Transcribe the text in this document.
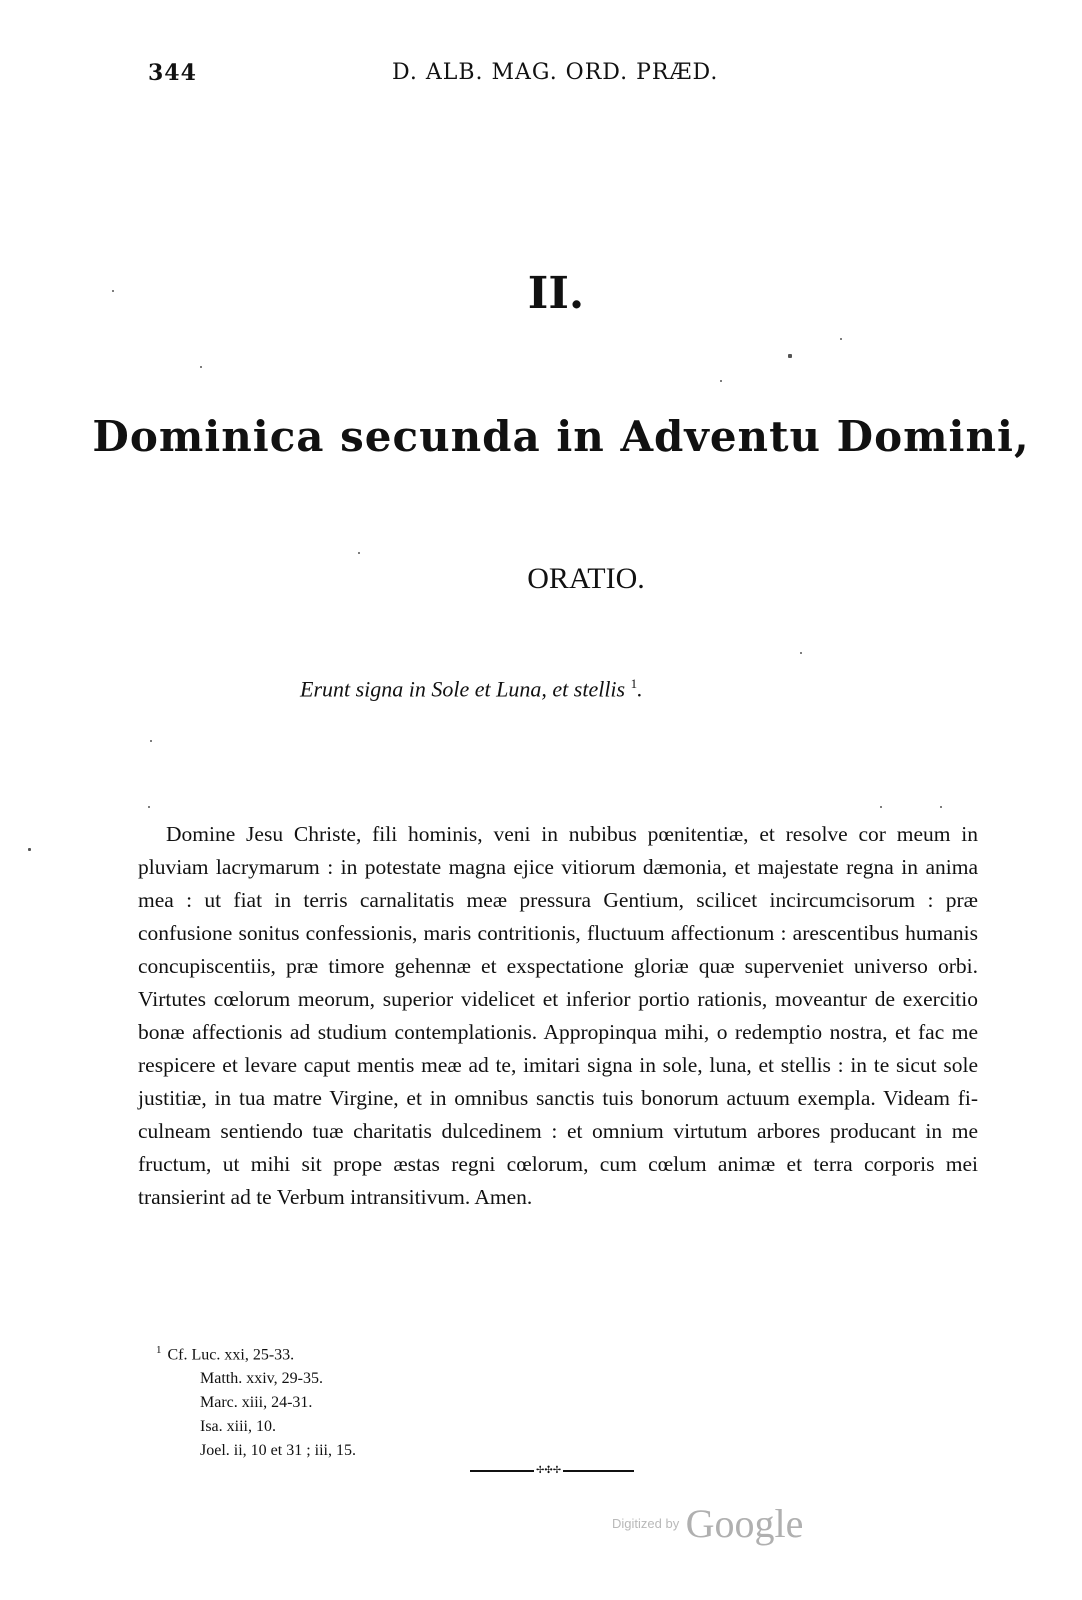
344	D. ALB. MAG. ORD. PRÆD.
II.
Dominica secunda in Adventu Domini,
ORATIO.
Erunt signa in Sole et Luna, et stellis $^1$.

Domine Jesu Christe, fili hominis, veni in nubibus pœnitentiæ, et resolve cor meum in pluviam lacrymarum : in potestate magna ejice vitiorum dæmonia, et majestate regna in anima mea : ut fiat in terris carnalitatis meæ pressura Gentium, scilicet incircumcisorum : præ confusione sonitus confessionis, maris contritionis, fluctuum affectionum : arescentibus humanis concupiscentiis, præ timore gehennæ et exspectatione gloriæ quæ superveniet universo orbi. Virtutes cœlorum meorum, superior videlicet et inferior portio rationis, moveantur de exercitio bonæ affectionis ad studium contemplationis. Appropinqua mihi, o redemptio nostra, et fac me respicere et levare caput mentis meæ ad te, imitari signa in sole, luna, et stellis : in te sicut sole justitiæ, in tua matre Virgine, et in omnibus sanctis tuis bonorum actuum exempla. Videam ficulneam sentiendo tuæ charitatis dulcedinem : et omnium virtutum arbores producant in me fructum, ut mihi sit prope æstas regni cœlorum, cum cœlum animæ et terra corporis mei transierint ad te Verbum intransitivum. Amen.

$^1$ Cf. Luc. xxi, 25-33.
Matth. xxiv, 29-35.
Marc. xiii, 24-31.
Isa. xiii, 10.
Joel. ii, 10 et 31 ; iii, 15.
✢✣✢
Digitized by Google
